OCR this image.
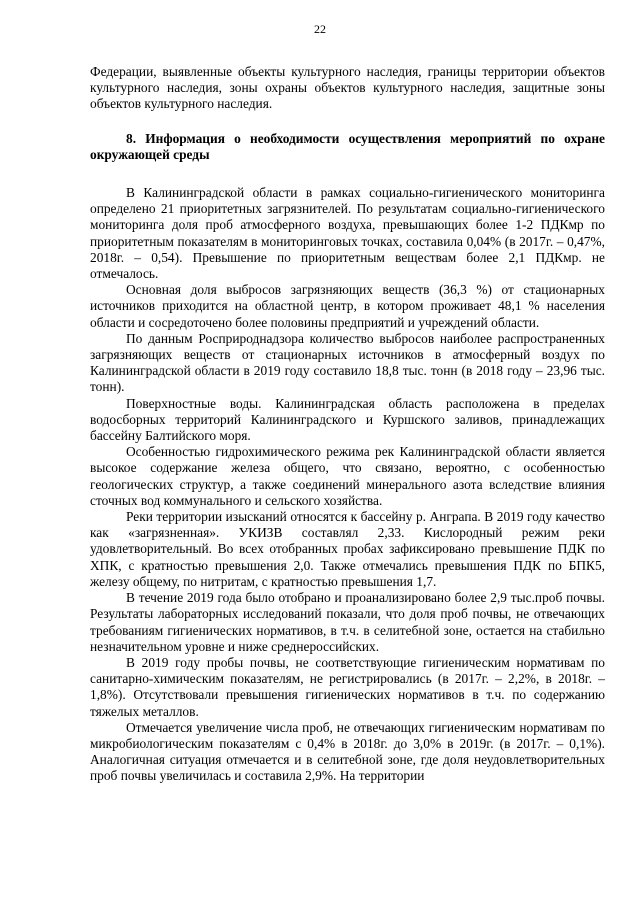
22

Федерации, выявленные объекты культурного наследия, границы территории объектов культурного наследия, зоны охраны объектов культурного наследия, защитные зоны объектов культурного наследия.

8. Информация о необходимости осуществления мероприятий по охране окружающей среды

В Калининградской области в рамках социально-гигиенического мониторинга определено 21 приоритетных загрязнителей. По результатам социально-гигиенического мониторинга доля проб атмосферного воздуха, превышающих более 1-2 ПДКмр по приоритетным показателям в мониторинговых точках, составила 0,04% (в 2017г. – 0,47%, 2018г. – 0,54). Превышение по приоритетным веществам более 2,1 ПДКмр. не отмечалось.

Основная доля выбросов загрязняющих веществ (36,3 %) от стационарных источников приходится на областной центр, в котором проживает 48,1 % населения области и сосредоточено более половины предприятий и учреждений области.

По данным Росприроднадзора количество выбросов наиболее распространенных загрязняющих веществ от стационарных источников в атмосферный воздух по Калининградской области в 2019 году составило 18,8 тыс. тонн (в 2018 году – 23,96 тыс. тонн).

Поверхностные воды. Калининградская область расположена в пределах водосборных территорий Калининградского и Куршского заливов, принадлежащих бассейну Балтийского моря.

Особенностью гидрохимического режима рек Калининградской области является высокое содержание железа общего, что связано, вероятно, с особенностью геологических структур, а также соединений минерального азота вследствие влияния сточных вод коммунального и сельского хозяйства.

Реки территории изысканий относятся к бассейну р. Анграпа. В 2019 году качество как «загрязненная». УКИЗВ составлял 2,33. Кислородный режим реки удовлетворительный. Во всех отобранных пробах зафиксировано превышение ПДК по ХПК, с кратностью превышения 2,0. Также отмечались превышения ПДК по БПК5, железу общему, по нитритам, с кратностью превышения 1,7.

В течение 2019 года было отобрано и проанализировано более 2,9 тыс.проб почвы. Результаты лабораторных исследований показали, что доля проб почвы, не отвечающих требованиям гигиенических нормативов, в т.ч. в селитебной зоне, остается на стабильно незначительном уровне и ниже среднероссийских.

В 2019 году пробы почвы, не соответствующие гигиеническим нормативам по санитарно-химическим показателям, не регистрировались (в 2017г. – 2,2%, в 2018г. – 1,8%). Отсутствовали превышения гигиенических нормативов в т.ч. по содержанию тяжелых металлов.

Отмечается увеличение числа проб, не отвечающих гигиеническим нормативам по микробиологическим показателям с 0,4% в 2018г. до 3,0% в 2019г. (в 2017г. – 0,1%). Аналогичная ситуация отмечается и в селитебной зоне, где доля неудовлетворительных проб почвы увеличилась и составила 2,9%. На территории
